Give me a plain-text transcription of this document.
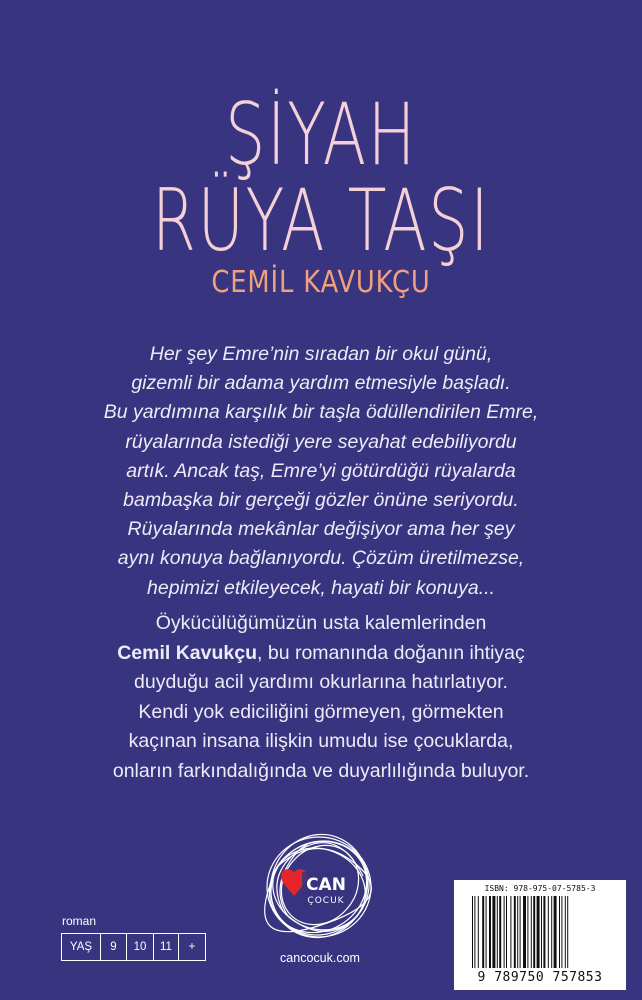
ŞİYAH
RÜYA TAŞI
CEMİL KAVUKÇU
Her şey Emre’nin sıradan bir okul günü,
gizemli bir adama yardım etmesiyle başladı.
Bu yardımına karşılık bir taşla ödüllendirilen Emre,
rüyalarında istediği yere seyahat edebiliyordu
artık. Ancak taş, Emre’yi götürdüğü rüyalarda
bambaşka bir gerçeği gözler önüne seriyordu.
Rüyalarında mekânlar değişiyor ama her şey
aynı konuya bağlanıyordu. Çözüm üretilmezse,
hepimizi etkileyecek, hayati bir konuya...
Öykücülüğümüzün usta kalemlerinden
Cemil Kavukçu, bu romanında doğanın ihtiyaç
duyduğu acil yardımı okurlarına hatırlatıyor.
Kendi yok ediciliğini görmeyen, görmekten
kaçınan insana ilişkin umudu ise çocuklarda,
onların farkındalığında ve duyarlılığında buluyor.
CAN
ÇOCUK
cancocuk.com
roman
YAŞ	9	10	11	+
ISBN: 978-975-07-5785-3
9 789750 757853
